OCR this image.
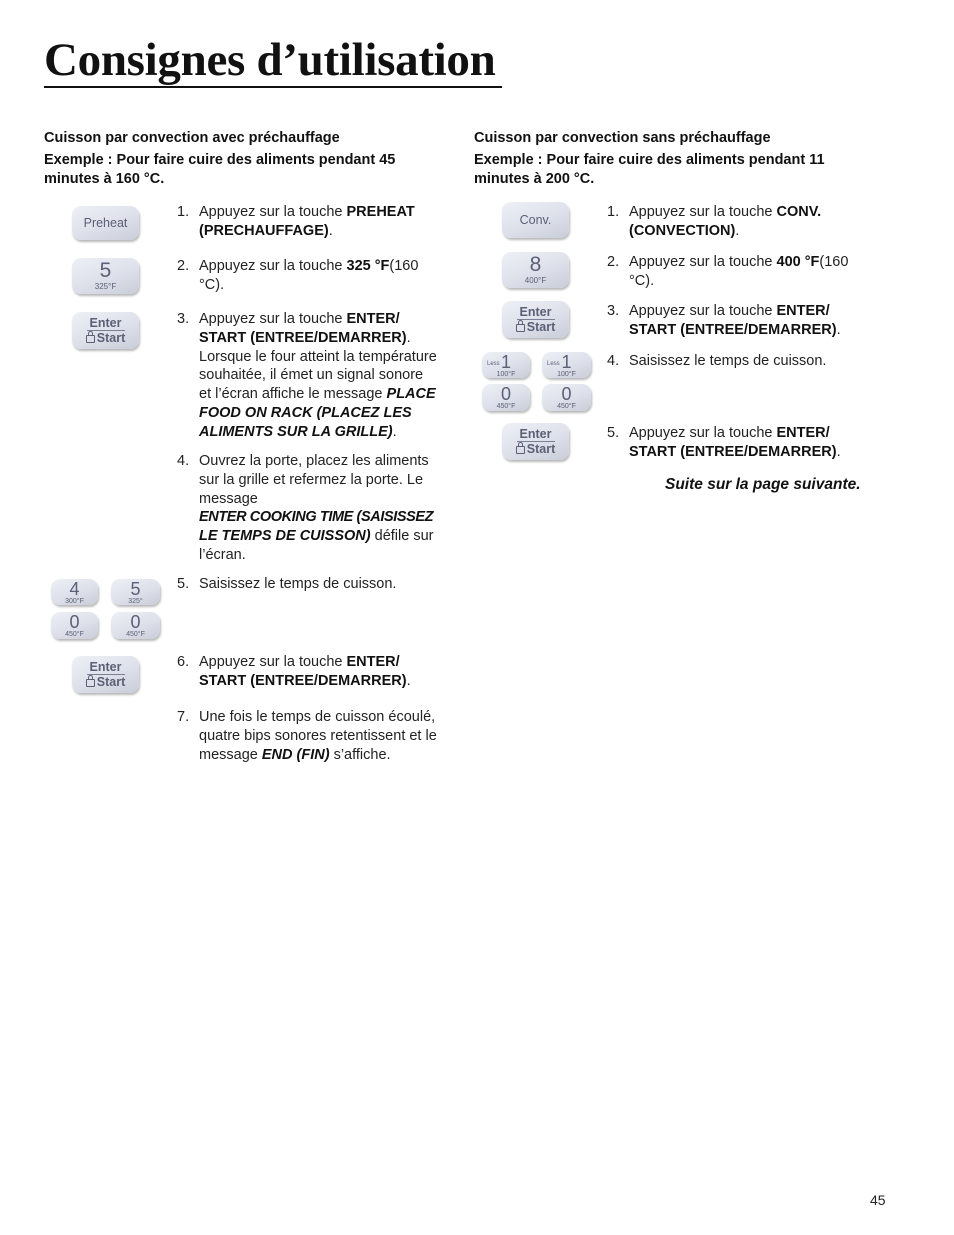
Consignes d’utilisation
Cuisson par convection avec préchauffage
Exemple : Pour faire cuire des aliments pendant 45
minutes à 160 °C.
Preheat
5
325°F
Enter
Start
4
300°F
5
325°
0
450°F
0
450°F
Enter
Start
1. Appuyez sur la touche PREHEAT
(PRECHAUFFAGE).
2. Appuyez sur la touche 325 °F(160
°C).
3. Appuyez sur la touche ENTER/
START (ENTREE/DEMARRER).
Lorsque le four atteint la température
souhaitée, il émet un signal sonore
et l’écran affiche le message PLACE
FOOD ON RACK (PLACEZ LES
ALIMENTS SUR LA GRILLE).
4. Ouvrez la porte, placez les aliments
sur la grille et refermez la porte. Le
message
ENTER COOKING TIME (SAISISSEZ
LE TEMPS DE CUISSON) défile sur
l’écran.
5. Saisissez le temps de cuisson.
6. Appuyez sur la touche ENTER/
START (ENTREE/DEMARRER).
7. Une fois le temps de cuisson écoulé,
quatre bips sonores retentissent et le
message END (FIN) s’affiche.
Cuisson par convection sans préchauffage
Exemple : Pour faire cuire des aliments pendant 11
minutes à 200 °C.
Conv.
8
400°F
Enter
Start
Less 1
100°F
Less 1
100°F
0
450°F
0
450°F
Enter
Start
1. Appuyez sur la touche CONV.
(CONVECTION).
2. Appuyez sur la touche 400 °F(160
°C).
3. Appuyez sur la touche ENTER/
START (ENTREE/DEMARRER).
4. Saisissez le temps de cuisson.
5. Appuyez sur la touche ENTER/
START (ENTREE/DEMARRER).
Suite sur la page suivante.
45
